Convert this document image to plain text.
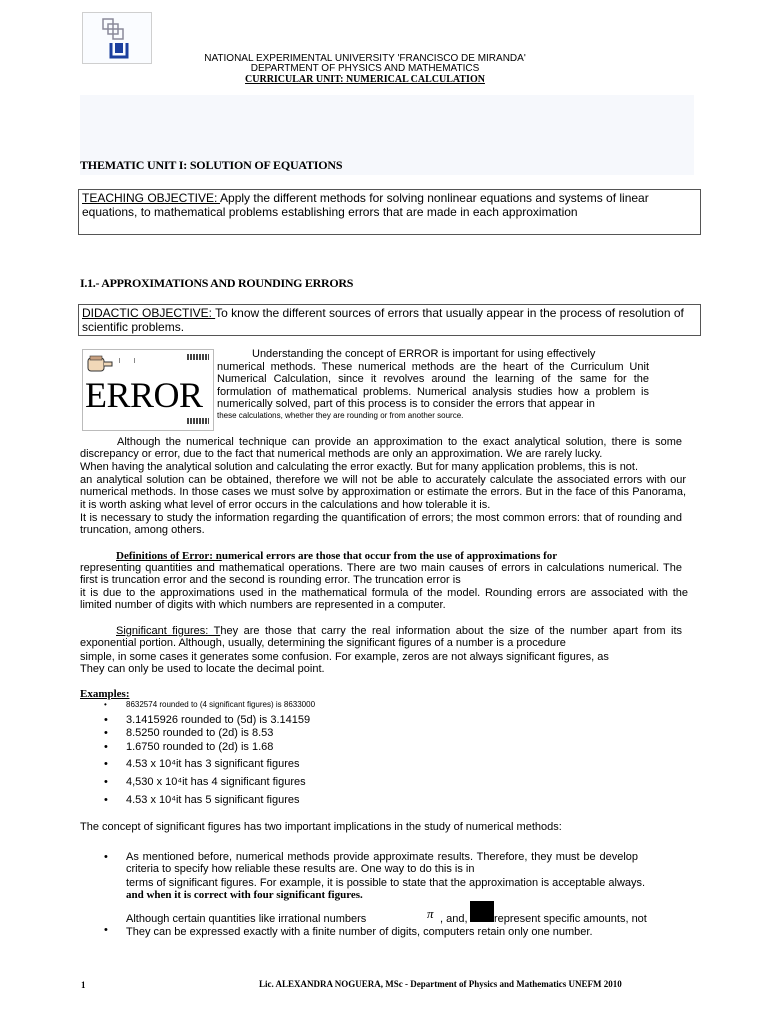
NATIONAL EXPERIMENTAL UNIVERSITY 'FRANCISCO DE MIRANDA'
DEPARTMENT OF PHYSICS AND MATHEMATICS
CURRICULAR UNIT: NUMERICAL CALCULATION
THEMATIC UNIT I: SOLUTION OF EQUATIONS
TEACHING OBJECTIVE: Apply the different methods for solving nonlinear equations and systems of linear equations, to mathematical problems establishing errors that are made in each approximation
I.1.- APPROXIMATIONS AND ROUNDING ERRORS
DIDACTIC OBJECTIVE: To know the different sources of errors that usually appear in the process of resolution of scientific problems.
ERROR
Understanding the concept of ERROR is important for using effectively
numerical methods. These numerical methods are the heart of the Curriculum Unit Numerical Calculation, since it revolves around the learning of the same for the formulation of mathematical problems. Numerical analysis studies how a problem is numerically solved, part of this process is to consider the errors that appear in
these calculations, whether they are rounding or from another source.
Although the numerical technique can provide an approximation to the exact analytical solution, there is some discrepancy or error, due to the fact that numerical methods are only an approximation. We are rarely lucky.
When having the analytical solution and calculating the error exactly. But for many application problems, this is not.
an analytical solution can be obtained, therefore we will not be able to accurately calculate the associated errors with our numerical methods. In those cases we must solve by approximation or estimate the errors. But in the face of this Panorama, it is worth asking what level of error occurs in the calculations and how tolerable it is.
It is necessary to study the information regarding the quantification of errors; the most common errors: that of rounding and truncation, among others.
Definitions of Error: numerical errors are those that occur from the use of approximations for
representing quantities and mathematical operations. There are two main causes of errors in calculations numerical. The first is truncation error and the second is rounding error. The truncation error is
it is due to the approximations used in the mathematical formula of the model. Rounding errors are associated with the limited number of digits with which numbers are represented in a computer.
Significant figures: They are those that carry the real information about the size of the number apart from its exponential portion. Although, usually, determining the significant figures of a number is a procedure
simple, in some cases it generates some confusion. For example, zeros are not always significant figures, as
They can only be used to locate the decimal point.
Examples:
• 8632574 rounded to (4 significant figures) is 8633000
• 3.1415926 rounded to (5d) is 3.14159
• 8.5250 rounded to (2d) is 8.53
• 1.6750 rounded to (2d) is 1.68
• 4.53 x 10⁴it has 3 significant figures
• 4,530 x 10⁴it has 4 significant figures
• 4.53 x 10⁴it has 5 significant figures
The concept of significant figures has two important implications in the study of numerical methods:
•	As mentioned before, numerical methods provide approximate results. Therefore, they must be develop criteria to specify how reliable these results are. One way to do this is in
terms of significant figures. For example, it is possible to state that the approximation is acceptable always.
and when it is correct with four significant figures.
•
Although certain quantities like irrational numbers	π , and, represent specific amounts, not
They can be expressed exactly with a finite number of digits, computers retain only one number.
1	Lic. ALEXANDRA NOGUERA, MSc - Department of Physics and Mathematics UNEFM 2010
